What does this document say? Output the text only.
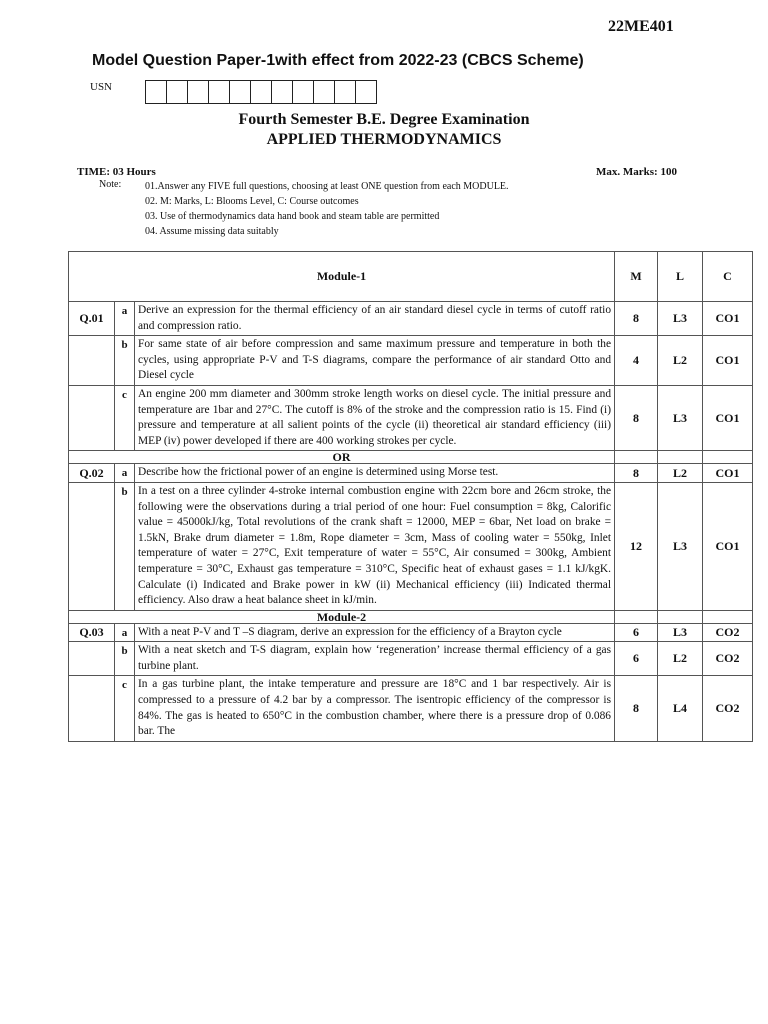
22ME401
Model Question Paper-1with effect from 2022-23 (CBCS Scheme)
USN
Fourth Semester B.E. Degree Examination
APPLIED THERMODYNAMICS
TIME: 03 Hours	Max. Marks: 100
Note: 01.Answer any FIVE full questions, choosing at least ONE question from each MODULE.
02. M: Marks, L: Blooms Level, C: Course outcomes
03. Use of thermodynamics data hand book and steam table are permitted
04. Assume missing data suitably
Module-1			M	L	C
Q.01	a	Derive an expression for the thermal efficiency of an air standard diesel cycle in terms of cutoff ratio and compression ratio.	8	L3	CO1
	b	For same state of air before compression and same maximum pressure and temperature in both the cycles, using appropriate P-V and T-S diagrams, compare the performance of air standard Otto and Diesel cycle	4	L2	CO1
	c	An engine 200 mm diameter and 300mm stroke length works on diesel cycle. The initial pressure and temperature are 1bar and 27°C. The cutoff is 8% of the stroke and the compression ratio is 15. Find (i) pressure and temperature at all salient points of the cycle (ii) theoretical air standard efficiency (iii) MEP (iv) power developed if there are 400 working strokes per cycle.	8	L3	CO1
OR					
Q.02	a	Describe how the frictional power of an engine is determined using Morse test.	8	L2	CO1
	b	In a test on a three cylinder 4-stroke internal combustion engine with 22cm bore and 26cm stroke, the following were the observations during a trial period of one hour: Fuel consumption = 8kg, Calorific value = 45000kJ/kg, Total revolutions of the crank shaft = 12000, MEP = 6bar, Net load on brake = 1.5kN, Brake drum diameter = 1.8m, Rope diameter = 3cm, Mass of cooling water = 550kg, Inlet temperature of water = 27°C, Exit temperature of water = 55°C, Air consumed = 300kg, Ambient temperature = 30°C, Exhaust gas temperature = 310°C, Specific heat of exhaust gases = 1.1 kJ/kgK. Calculate (i) Indicated and Brake power in kW (ii) Mechanical efficiency (iii) Indicated thermal efficiency. Also draw a heat balance sheet in kJ/min.	12	L3	CO1
Module-2					
Q.03	a	With a neat P-V and T –S diagram, derive an expression for the efficiency of a Brayton cycle	6	L3	CO2
	b	With a neat sketch and T-S diagram, explain how ‘regeneration’ increase thermal efficiency of a gas turbine plant.	6	L2	CO2
	c	In a gas turbine plant, the intake temperature and pressure are 18°C and 1 bar respectively. Air is compressed to a pressure of 4.2 bar by a compressor. The isentropic efficiency of the compressor is 84%. The gas is heated to 650°C in the combustion chamber, where there is a pressure drop of 0.086 bar. The	8	L4	CO2
